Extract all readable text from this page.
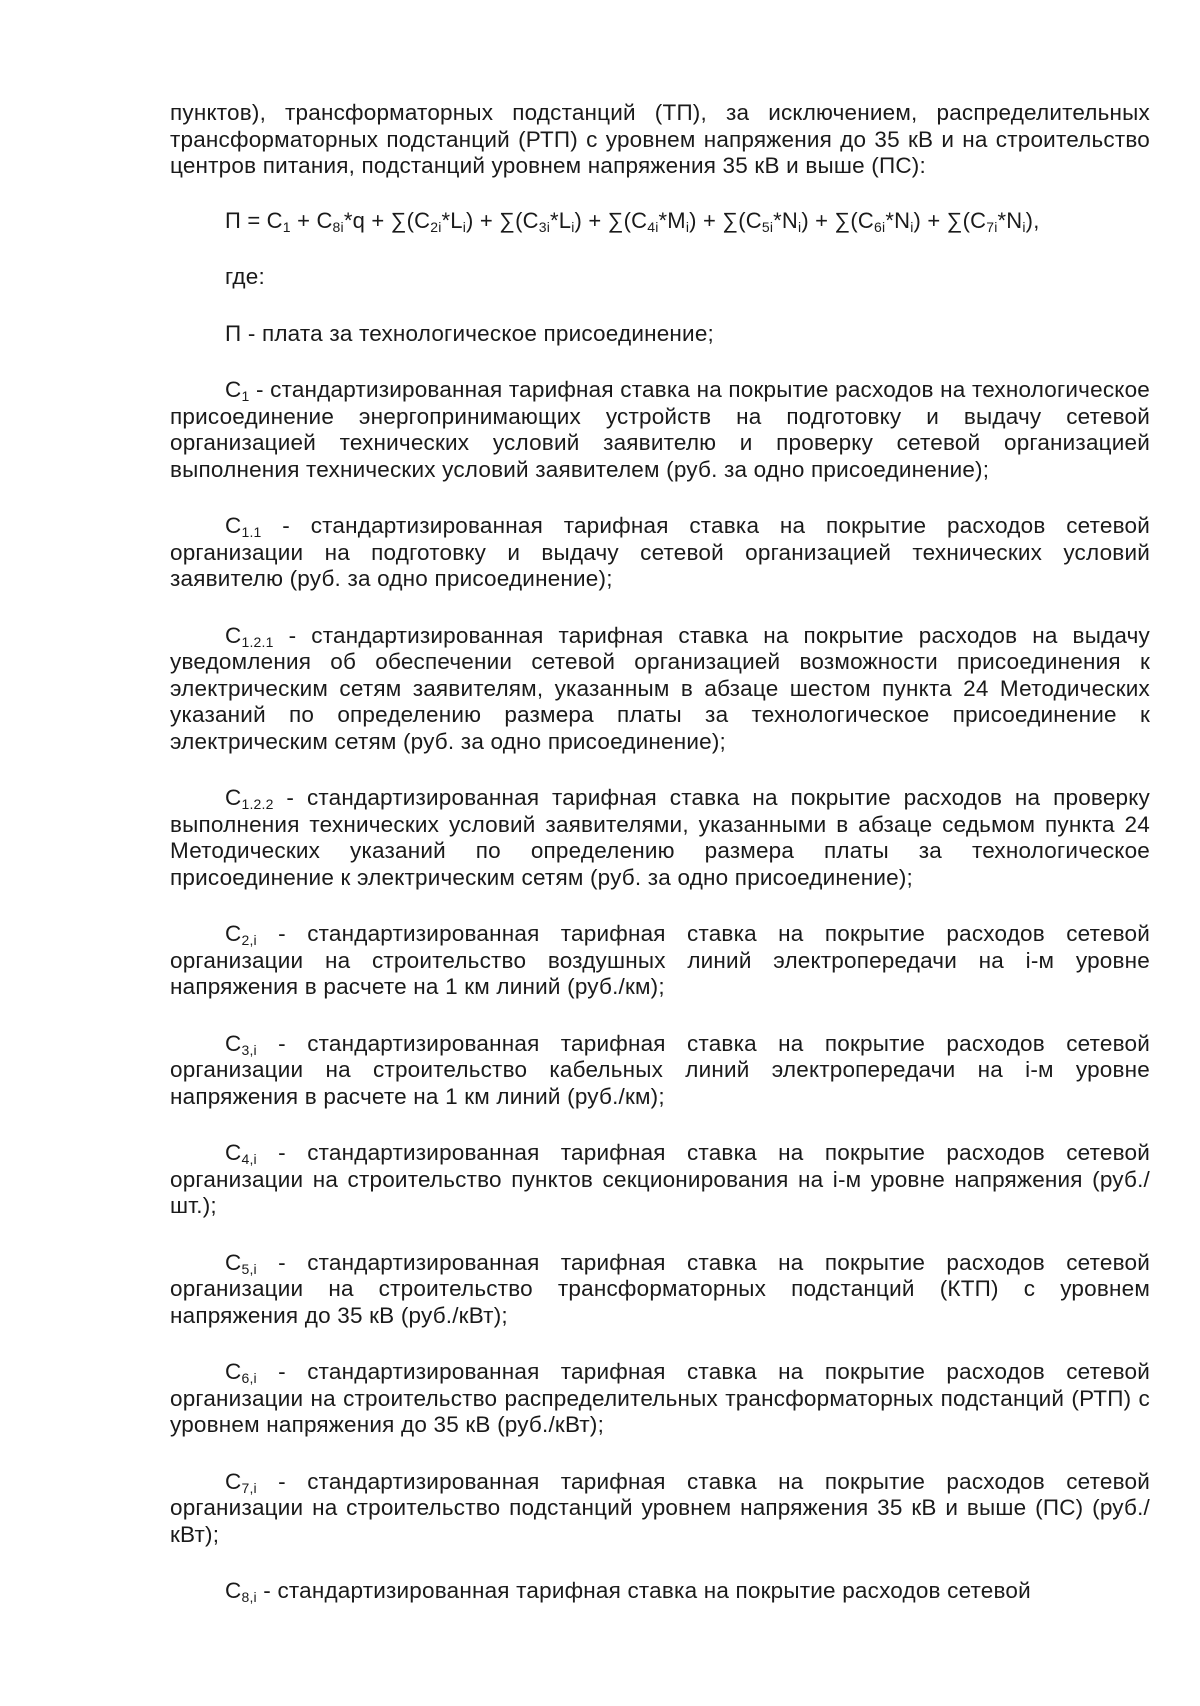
пунктов), трансформаторных подстанций (ТП), за исключением, распределительных трансформаторных подстанций (РТП) с уровнем напряжения до 35 кВ и на строительство центров питания, подстанций уровнем напряжения 35 кВ и выше (ПС):

$П = С_1 + С_{8i}*q + \sum(С_{2i}*L_i) + \sum(С_{3i}*L_i) + \sum(С_{4i}*M_i) + \sum(С_{5i}*N_i) + \sum(С_{6i}*N_i) + \sum(С_{7i}*N_i)$,

где:

П - плата за технологическое присоединение;

$С_1$ - стандартизированная тарифная ставка на покрытие расходов на технологическое присоединение энергопринимающих устройств на подготовку и выдачу сетевой организацией технических условий заявителю и проверку сетевой организацией выполнения технических условий заявителем (руб. за одно присоединение);

$С_{1.1}$ - стандартизированная тарифная ставка на покрытие расходов сетевой организации на подготовку и выдачу сетевой организацией технических условий заявителю (руб. за одно присоединение);

$С_{1.2.1}$ - стандартизированная тарифная ставка на покрытие расходов на выдачу уведомления об обеспечении сетевой организацией возможности присоединения к электрическим сетям заявителям, указанным в абзаце шестом пункта 24 Методических указаний по определению размера платы за технологическое присоединение к электрическим сетям (руб. за одно присоединение);

$С_{1.2.2}$ - стандартизированная тарифная ставка на покрытие расходов на проверку выполнения технических условий заявителями, указанными в абзаце седьмом пункта 24 Методических указаний по определению размера платы за технологическое присоединение к электрическим сетям (руб. за одно присоединение);

$С_{2,i}$ - стандартизированная тарифная ставка на покрытие расходов сетевой организации на строительство воздушных линий электропередачи на i-м уровне напряжения в расчете на 1 км линий (руб./км);

$С_{3,i}$ - стандартизированная тарифная ставка на покрытие расходов сетевой организации на строительство кабельных линий электропередачи на i-м уровне напряжения в расчете на 1 км линий (руб./км);

$С_{4,i}$ - стандартизированная тарифная ставка на покрытие расходов сетевой организации на строительство пунктов секционирования на i-м уровне напряжения (руб./шт.);

$С_{5,i}$ - стандартизированная тарифная ставка на покрытие расходов сетевой организации на строительство трансформаторных подстанций (КТП) с уровнем напряжения до 35 кВ (руб./кВт);

$С_{6,i}$ - стандартизированная тарифная ставка на покрытие расходов сетевой организации на строительство распределительных трансформаторных подстанций (РТП) с уровнем напряжения до 35 кВ (руб./кВт);

$С_{7,i}$ - стандартизированная тарифная ставка на покрытие расходов сетевой организации на строительство подстанций уровнем напряжения 35 кВ и выше (ПС) (руб./кВт);

$С_{8,i}$ - стандартизированная тарифная ставка на покрытие расходов сетевой
